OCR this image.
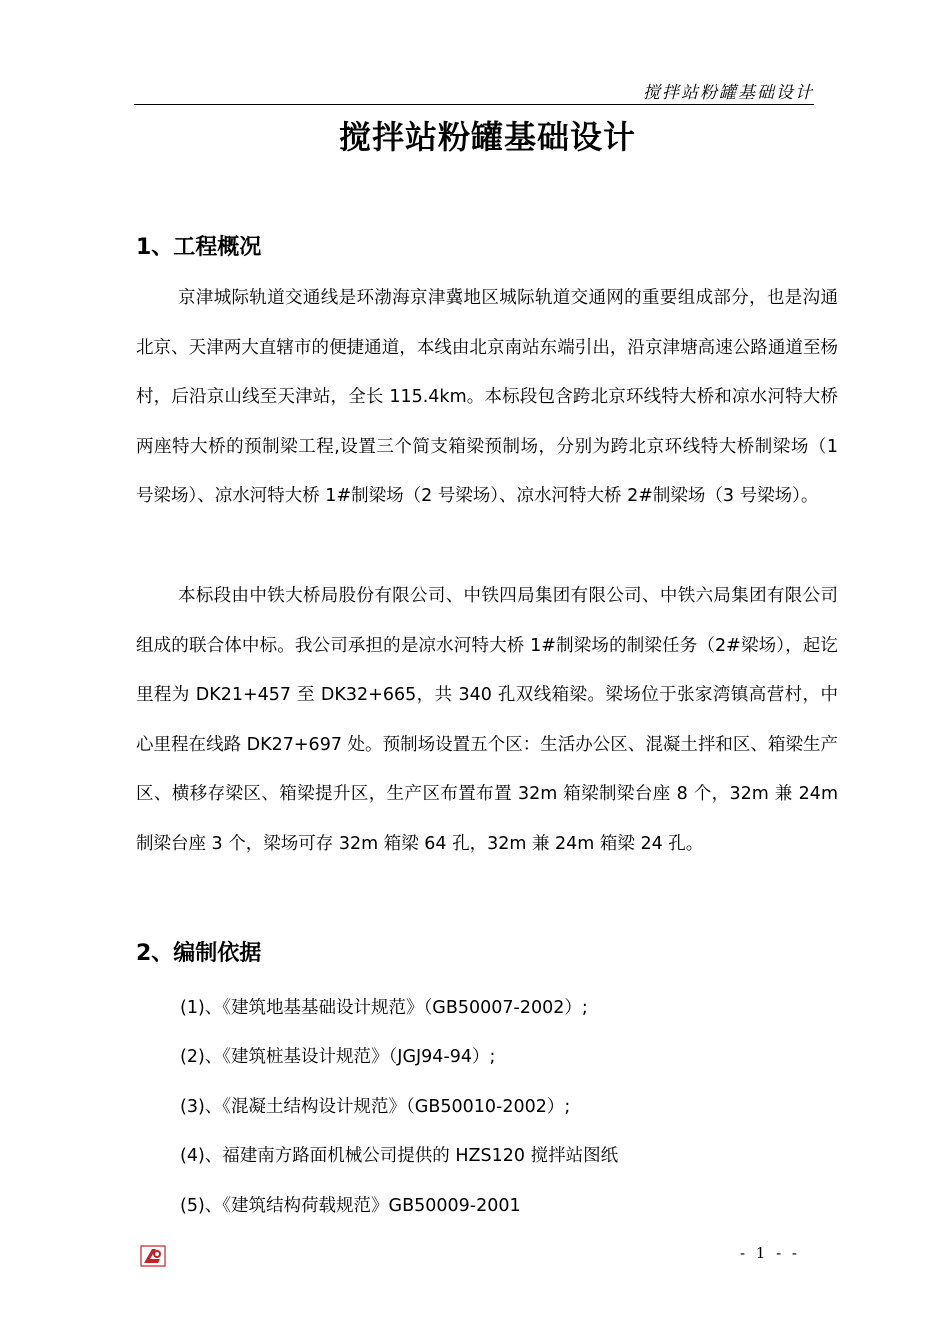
搅拌站粉罐基础设计
搅拌站粉罐基础设计
1、工程概况

京津城际轨道交通线是环渤海京津冀地区城际轨道交通网的重要组成部分，也是沟通北京、天津两大直辖市的便捷通道，本线由北京南站东端引出，沿京津塘高速公路通道至杨村，后沿京山线至天津站，全长 115.4km。本标段包含跨北京环线特大桥和凉水河特大桥两座特大桥的预制梁工程,设置三个简支箱梁预制场，分别为跨北京环线特大桥制梁场（1 号梁场）、凉水河特大桥 1#制梁场（2 号梁场）、凉水河特大桥 2#制梁场（3 号梁场）。

本标段由中铁大桥局股份有限公司、中铁四局集团有限公司、中铁六局集团有限公司组成的联合体中标。我公司承担的是凉水河特大桥 1#制梁场的制梁任务（2#梁场），起讫里程为 DK21+457 至 DK32+665，共 340 孔双线箱梁。梁场位于张家湾镇高营村，中心里程在线路 DK27+697 处。预制场设置五个区：生活办公区、混凝土拌和区、箱梁生产区、横移存梁区、箱梁提升区，生产区布置布置 32m 箱梁制梁台座 8 个，32m 兼 24m 制梁台座 3 个，梁场可存 32m 箱梁 64 孔，32m 兼 24m 箱梁 24 孔。

2、编制依据
(1)、《建筑地基基础设计规范》（GB50007-2002）;
(2)、《建筑桩基设计规范》（JGJ94-94）;
(3)、《混凝土结构设计规范》（GB50010-2002）;
(4)、福建南方路面机械公司提供的 HZS120 搅拌站图纸
(5)、《建筑结构荷载规范》GB50009-2001
- 1 - -
